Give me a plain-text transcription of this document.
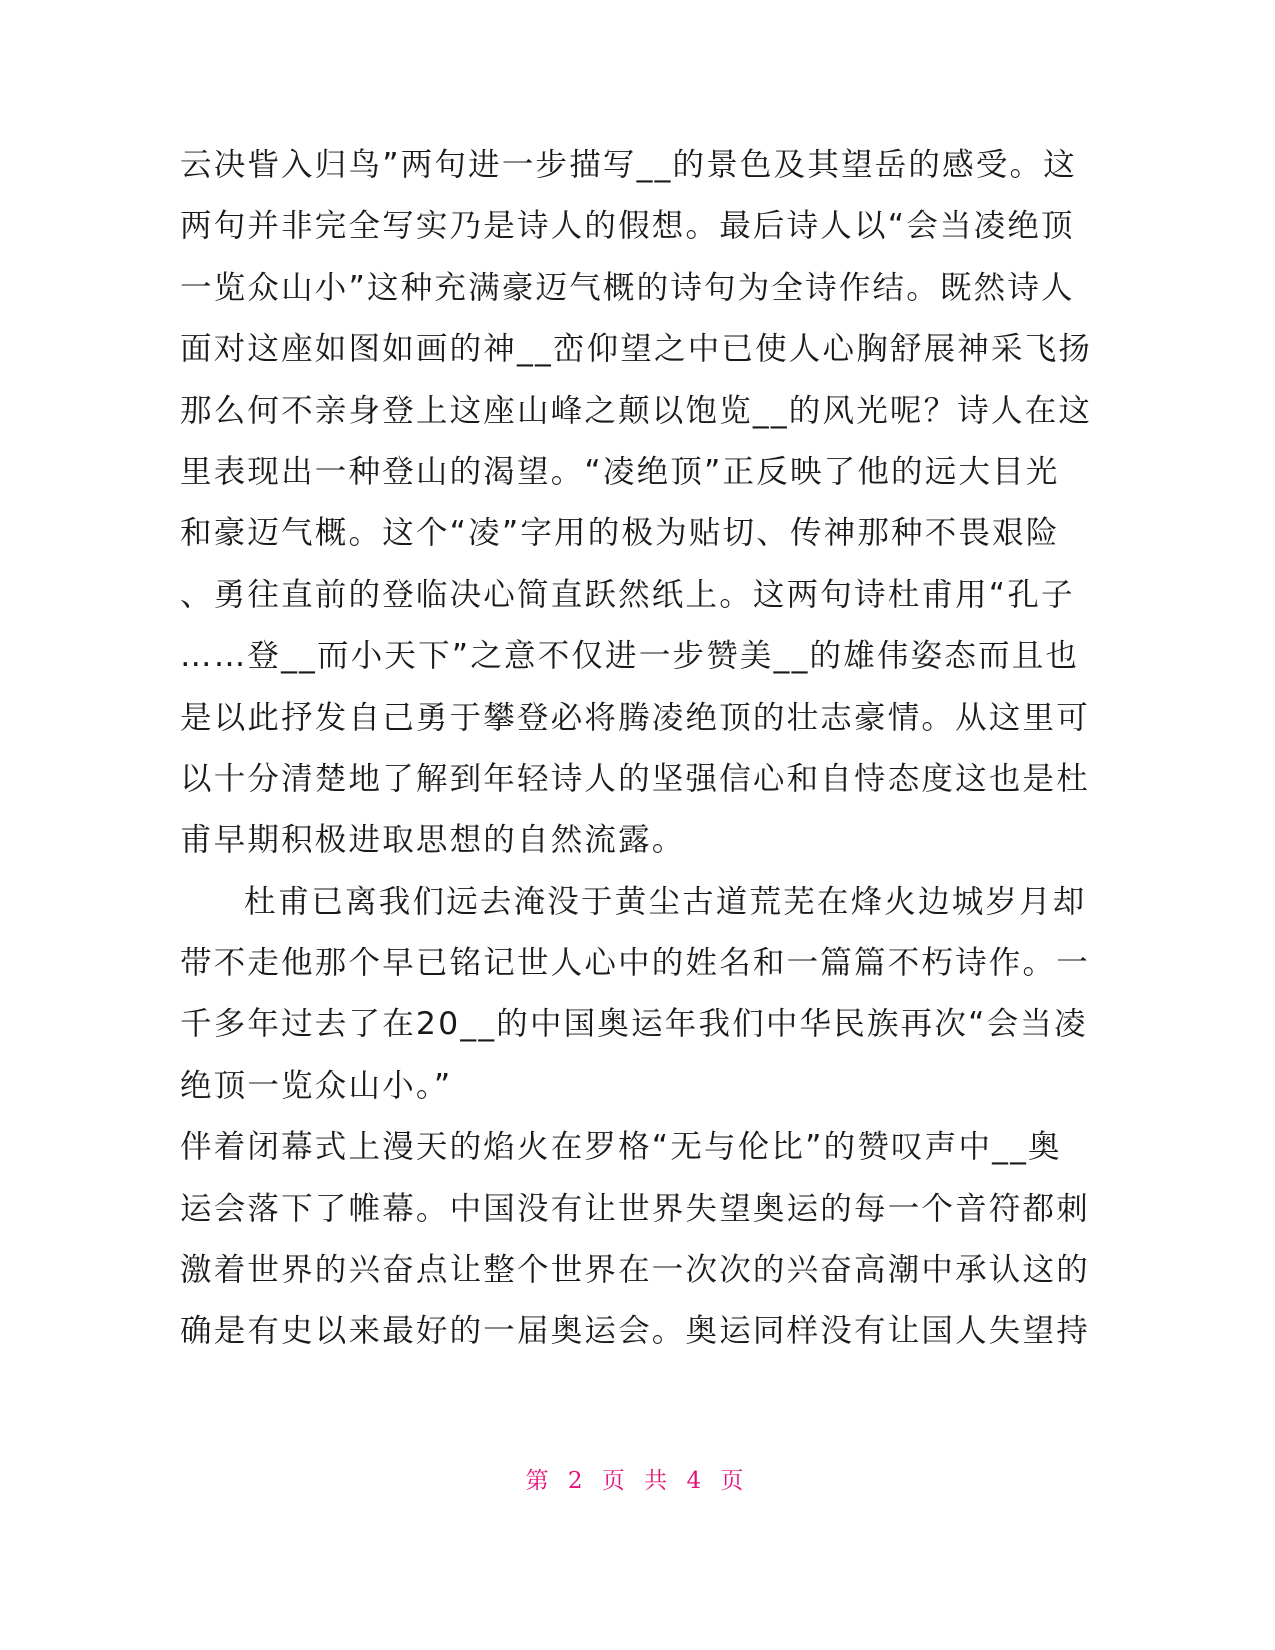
云决眥入归鸟”两句进一步描写__的景色及其望岳的感受。这
两句并非完全写实乃是诗人的假想。最后诗人以“会当凌绝顶
一览众山小”这种充满豪迈气概的诗句为全诗作结。既然诗人
面对这座如图如画的神__峦仰望之中已使人心胸舒展神采飞扬
那么何不亲身登上这座山峰之颠以饱览__的风光呢？诗人在这
里表现出一种登山的渴望。“凌绝顶”正反映了他的远大目光
和豪迈气概。这个“凌”字用的极为贴切、传神那种不畏艰险
、勇往直前的登临决心简直跃然纸上。这两句诗杜甫用“孔子
……登__而小天下”之意不仅进一步赞美__的雄伟姿态而且也
是以此抒发自己勇于攀登必将腾凌绝顶的壮志豪情。从这里可
以十分清楚地了解到年轻诗人的坚强信心和自恃态度这也是杜
甫早期积极进取思想的自然流露。
杜甫已离我们远去淹没于黄尘古道荒芜在烽火边城岁月却
带不走他那个早已铭记世人心中的姓名和一篇篇不朽诗作。一
千多年过去了在20__的中国奥运年我们中华民族再次“会当凌
绝顶一览众山小。”
伴着闭幕式上漫天的焰火在罗格“无与伦比”的赞叹声中__奥
运会落下了帷幕。中国没有让世界失望奥运的每一个音符都刺
激着世界的兴奋点让整个世界在一次次的兴奋高潮中承认这的
确是有史以来最好的一届奥运会。奥运同样没有让国人失望持
第 2 页 共 4 页
